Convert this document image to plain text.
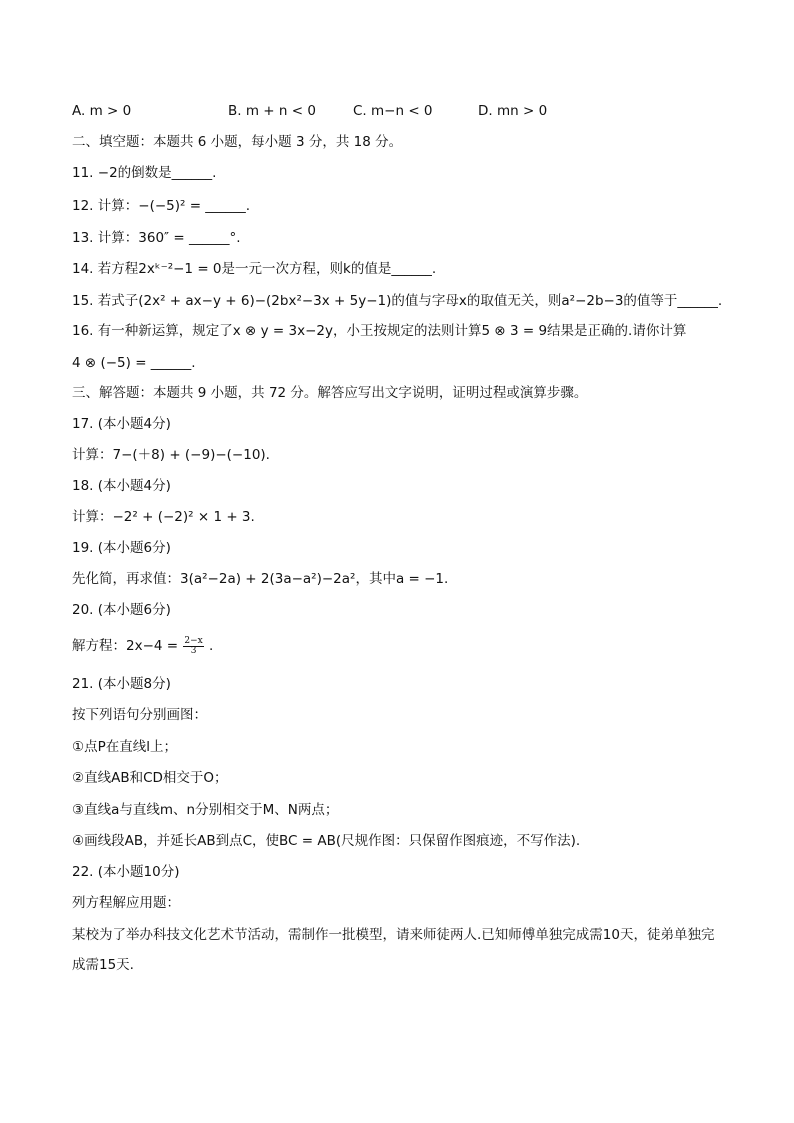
A. m > 0	B. m + n < 0	C. m−n < 0	D. mn > 0
二、填空题：本题共 6 小题，每小题 3 分，共 18 分。
11. −2的倒数是______.
12. 计算：−(−5)² = ______.
13. 计算：360″ = ______°.
14. 若方程2xᵏ⁻²−1 = 0是一元一次方程，则k的值是______.
15. 若式子(2x² + ax−y + 6)−(2bx²−3x + 5y−1)的值与字母x的取值无关，则a²−2b−3的值等于______.
16. 有一种新运算，规定了x ⊗ y = 3x−2y，小王按规定的法则计算5 ⊗ 3 = 9结果是正确的.请你计算
4 ⊗ (−5) = ______.
三、解答题：本题共 9 小题，共 72 分。解答应写出文字说明，证明过程或演算步骤。
17. (本小题4分)
计算：7−(＋8) + (−9)−(−10).
18. (本小题4分)
计算：−2² + (−2)² × 1 + 3.
19. (本小题6分)
先化简，再求值：3(a²−2a) + 2(3a−a²)−2a²，其中a = −1.
20. (本小题6分)
解方程：$2x-4 = \frac{2-x}{3}$ .
21. (本小题8分)
按下列语句分别画图：
①点P在直线l上；
②直线AB和CD相交于O；
③直线a与直线m、n分别相交于M、N两点；
④画线段AB，并延长AB到点C，使BC = AB(尺规作图：只保留作图痕迹，不写作法).
22. (本小题10分)
列方程解应用题：
某校为了举办科技文化艺术节活动，需制作一批模型，请来师徒两人.已知师傅单独完成需10天，徒弟单独完成需15天.
